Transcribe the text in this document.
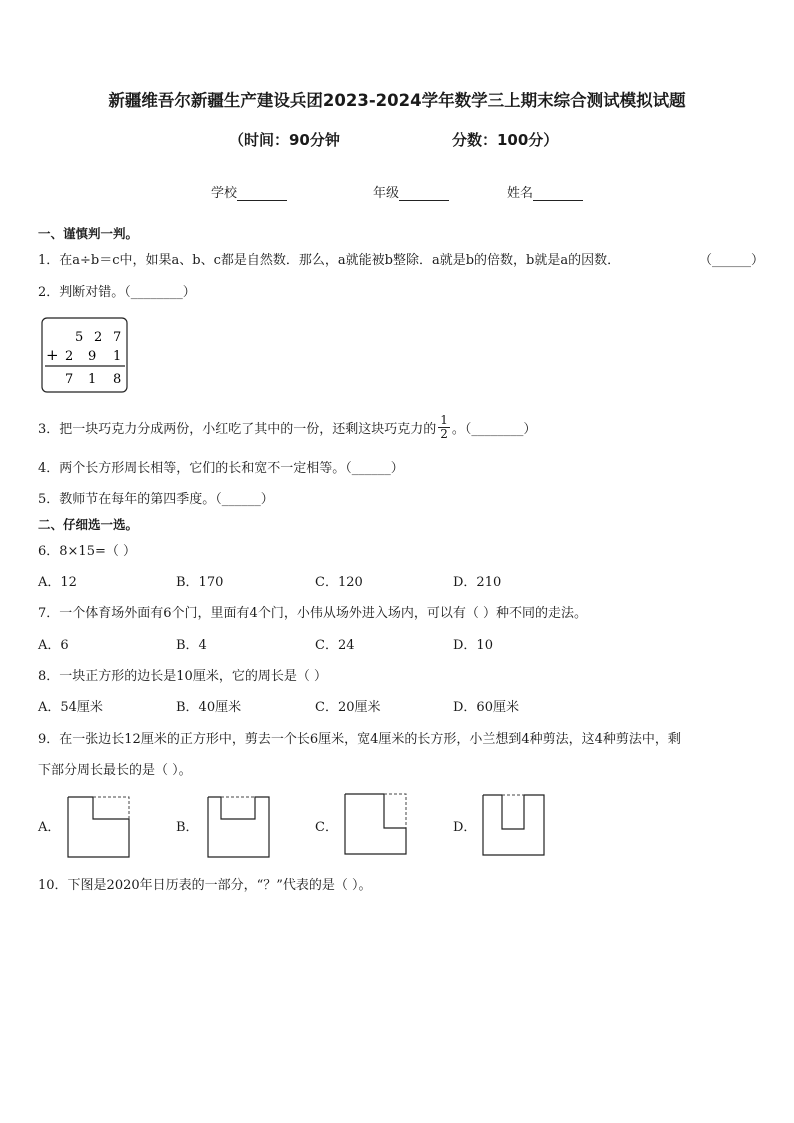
新疆维吾尔新疆生产建设兵团2023-2024学年数学三上期末综合测试模拟试题
（时间：90分钟	分数：100分）
学校	年级	姓名
一、谨慎判一判。
1．在a÷b＝c中，如果a、b、c都是自然数．那么，a就能被b整除．a就是b的倍数，b就是a的因数．	（______）
2．判断对错。（________）
5 2 7
+ 2 9 1
7 1 8
3．把一块巧克力分成两份，小红吃了其中的一份，还剩这块巧克力的 $\frac{1}{2}$ 。（________）
4．两个长方形周长相等，它们的长和宽不一定相等。（______）
5．教师节在每年的第四季度。（______）
二、仔细选一选。
6．8×15=（ ）
A．12	B．170	C．120	D．210
7．一个体育场外面有6个门，里面有4个门，小伟从场外进入场内，可以有（ ）种不同的走法。
A．6	B．4	C．24	D．10
8．一块正方形的边长是10厘米，它的周长是（ ）
A．54厘米	B．40厘米	C．20厘米	D．60厘米
9．在一张边长12厘米的正方形中，剪去一个长6厘米，宽4厘米的长方形，小兰想到4种剪法，这4种剪法中，剩
下部分周长最长的是（ ）。
A．	B．	C．	D．
10．下图是2020年日历表的一部分，“？”代表的是（ ）。
